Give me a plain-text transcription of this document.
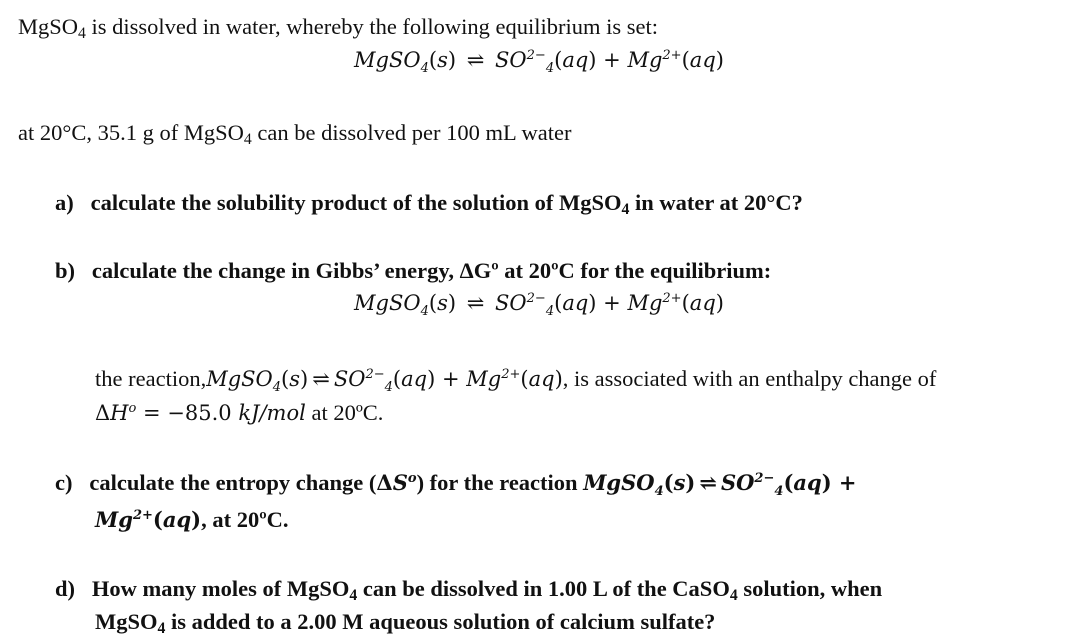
MgSO4 is dissolved in water, whereby the following equilibrium is set:
MgSO$_4$(s) ⇌ $SO^{2-}_4(aq) + Mg^{2+}(aq)$
at 20°C, 35.1 g of MgSO4 can be dissolved per 100 mL water
a)   calculate the solubility product of the solution of MgSO4 in water at 20°C?
b) calculate the change in Gibbs’ energy, ΔGº at 20ºC for the equilibrium:
MgSO$_4$(s) ⇌ $SO^{2-}_4(aq) + Mg^{2+}(aq)$
the reaction,MgSO$_4$(s) ⇌ $SO^{2-}_4(aq) + Mg^{2+}(aq)$, is associated with an enthalpy change of
$\Delta H^o = -85.0$ kJ/mol at 20ºC.
c) calculate the entropy change $(\Delta S^o)$ for the reaction MgSO$_4$(s) ⇌ $SO^{2-}_4(aq)$ +
$Mg^{2+}(aq)$, at 20ºC.
d)   How many moles of MgSO4 can be dissolved in 1.00 L of the CaSO4 solution, when
MgSO4 is added to a 2.00 M aqueous solution of calcium sulfate?
